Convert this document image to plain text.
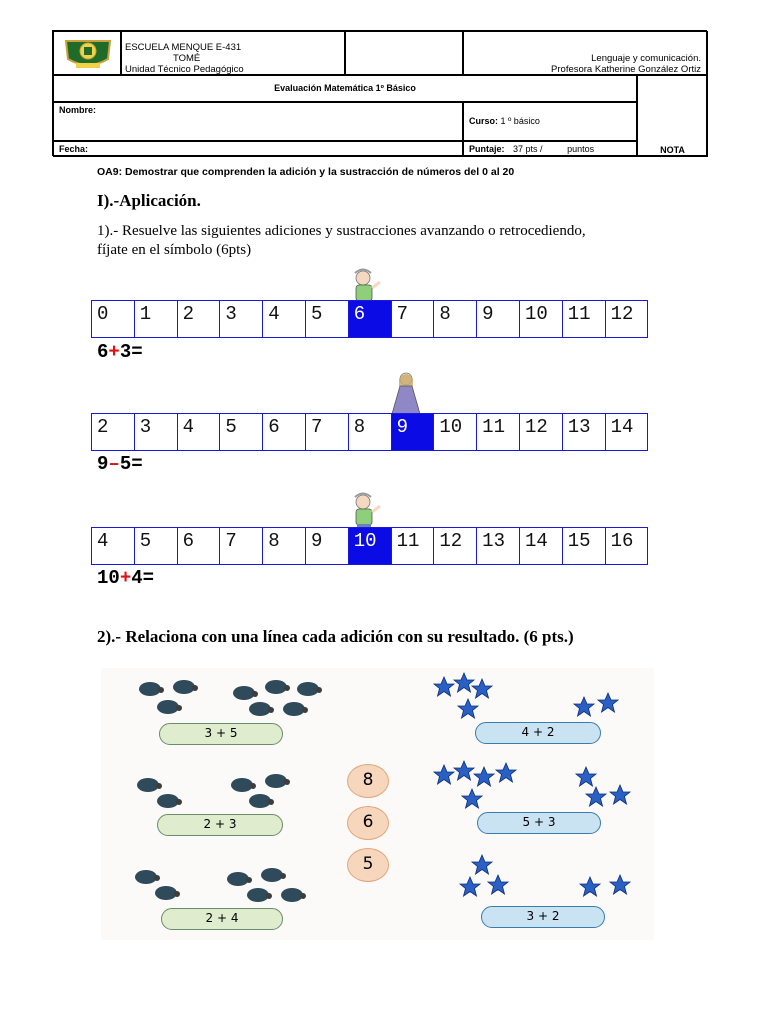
ESCUELA MENQUE E-431
TOMÉ
Unidad Técnico Pedagógico
Lenguaje y comunicación.
Profesora Katherine González Ortiz
Evaluación Matemática 1º Básico
Nombre:
Curso: 1 º básico
NOTA
Fecha:	Puntaje: 37 pts /	puntos
OA9: Demostrar que comprenden la adición y la sustracción de números del 0 al 20
I).-Aplicación.
1).- Resuelve las siguientes adiciones y sustracciones avanzando o retrocediendo, fíjate en el símbolo (6pts)
0	1	2	3	4	5	6	7	8	9	10	11	12
6+3=
2	3	4	5	6	7	8	9	10	11	12	13	14
9–5=
4	5	6	7	8	9	10	11	12	13	14	15	16
10+4=
2).- Relaciona con una línea cada adición con su resultado. (6 pts.)
3 + 5
2 + 3
2 + 4
8
6
5
4 + 2
5 + 3
3 + 2
